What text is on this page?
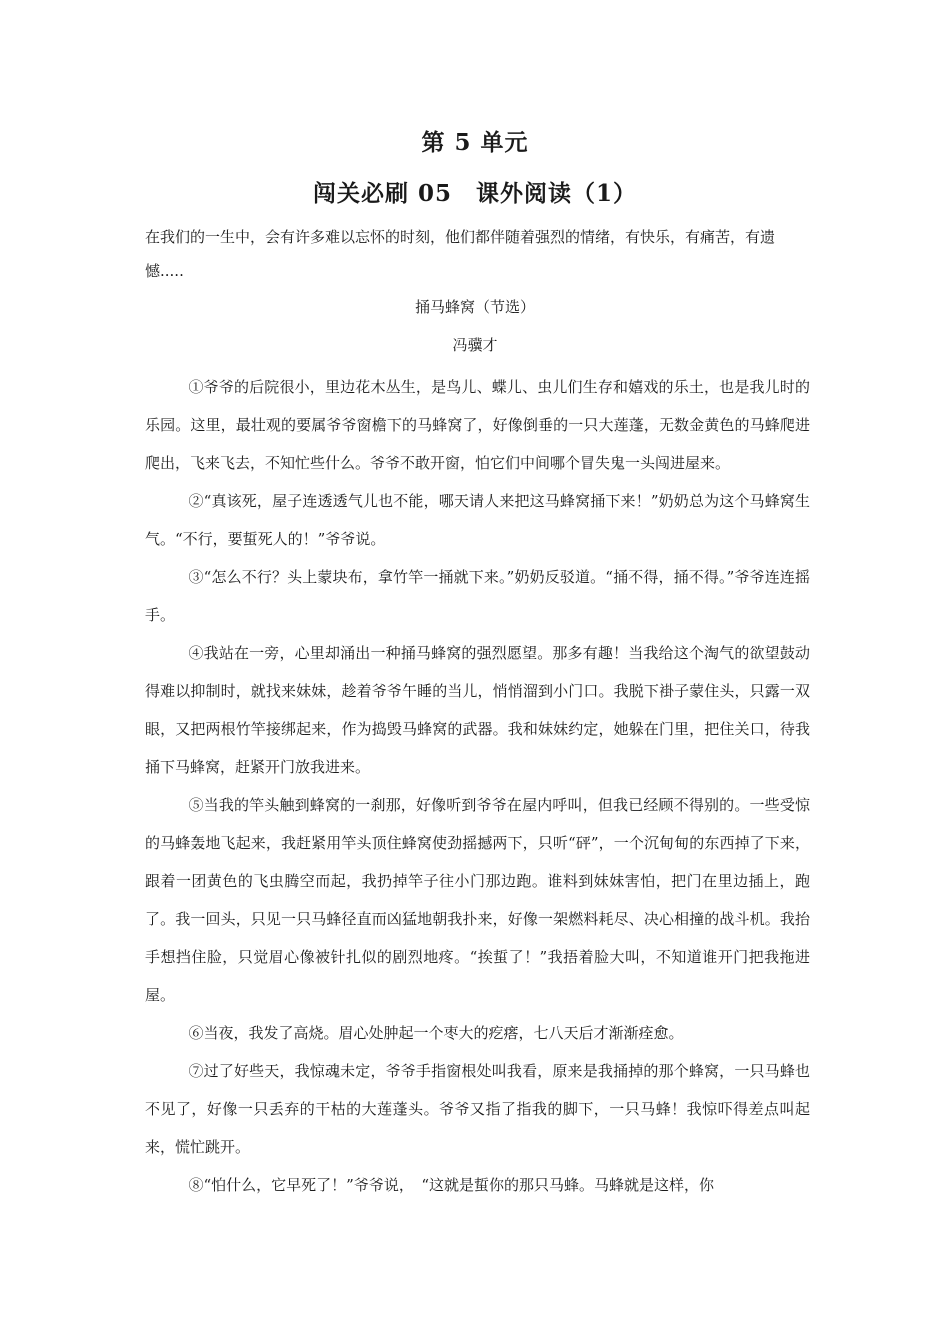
第 5 单元
闯关必刷 05　课外阅读（1）

在我们的一生中，会有许多难以忘怀的时刻，他们都伴随着强烈的情绪，有快乐，有痛苦，有遗憾.....

捅马蜂窝（节选）
冯骥才

①爷爷的后院很小，里边花木丛生，是鸟儿、蝶儿、虫儿们生存和嬉戏的乐土，也是我儿时的乐园。这里，最壮观的要属爷爷窗檐下的马蜂窝了，好像倒垂的一只大莲蓬，无数金黄色的马蜂爬进爬出，飞来飞去，不知忙些什么。爷爷不敢开窗，怕它们中间哪个冒失鬼一头闯进屋来。

②“真该死，屋子连透透气儿也不能，哪天请人来把这马蜂窝捅下来！”奶奶总为这个马蜂窝生气。“不行，要蜇死人的！”爷爷说。

③“怎么不行？头上蒙块布，拿竹竿一捅就下来。”奶奶反驳道。“捅不得，捅不得。”爷爷连连摇手。

④我站在一旁，心里却涌出一种捅马蜂窝的强烈愿望。那多有趣！当我给这个淘气的欲望鼓动得难以抑制时，就找来妹妹，趁着爷爷午睡的当儿，悄悄溜到小门口。我脱下褂子蒙住头，只露一双眼，又把两根竹竿接绑起来，作为捣毁马蜂窝的武器。我和妹妹约定，她躲在门里，把住关口，待我捅下马蜂窝，赶紧开门放我进来。

⑤当我的竿头触到蜂窝的一刹那，好像听到爷爷在屋内呼叫，但我已经顾不得别的。一些受惊的马蜂轰地飞起来，我赶紧用竿头顶住蜂窝使劲摇撼两下，只听“砰”，一个沉甸甸的东西掉了下来，跟着一团黄色的飞虫腾空而起，我扔掉竿子往小门那边跑。谁料到妹妹害怕，把门在里边插上，跑了。我一回头，只见一只马蜂径直而凶猛地朝我扑来，好像一架燃料耗尽、决心相撞的战斗机。我抬手想挡住脸，只觉眉心像被针扎似的剧烈地疼。“挨蜇了！”我捂着脸大叫，不知道谁开门把我拖进屋。

⑥当夜，我发了高烧。眉心处肿起一个枣大的疙瘩，七八天后才渐渐痊愈。

⑦过了好些天，我惊魂未定，爷爷手指窗根处叫我看，原来是我捅掉的那个蜂窝，一只马蜂也不见了，好像一只丢弃的干枯的大莲蓬头。爷爷又指了指我的脚下，一只马蜂！我惊吓得差点叫起来，慌忙跳开。

⑧“怕什么，它早死了！”爷爷说，　“这就是蜇你的那只马蜂。马蜂就是这样，你
